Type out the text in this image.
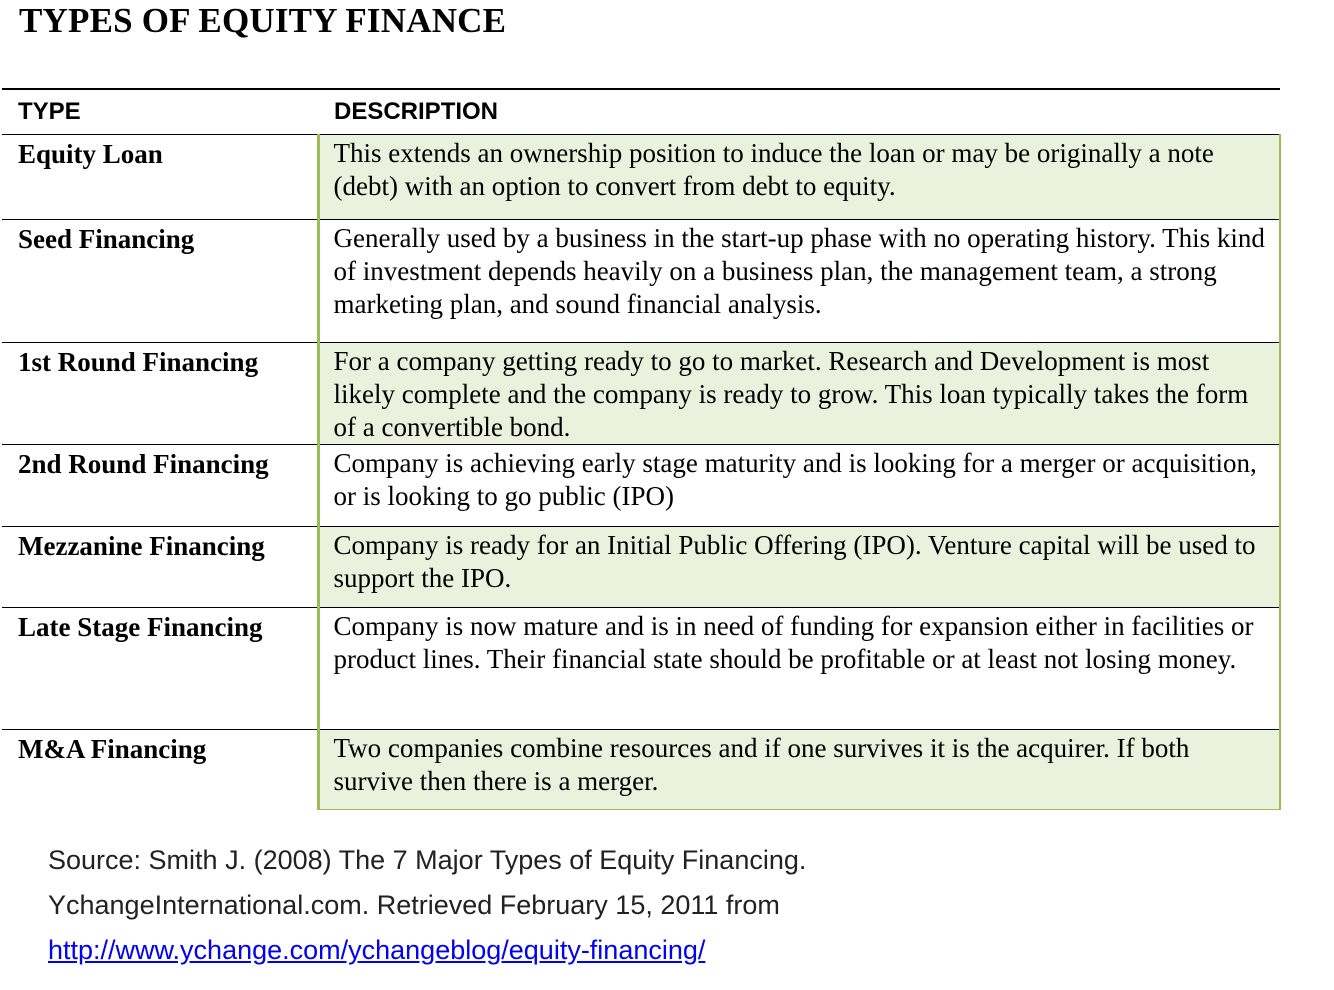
TYPES OF EQUITY FINANCE
TYPE	DESCRIPTION
Equity Loan	This extends an ownership position to induce the loan or may be originally a note (debt) with an option to convert from debt to equity.
Seed Financing	Generally used by a business in the start-up phase with no operating history. This kind of investment depends heavily on a business plan, the management team, a strong marketing plan, and sound financial analysis.
1st Round Financing	For a company getting ready to go to market. Research and Development is most likely complete and the company is ready to grow. This loan typically takes the form of a convertible bond.
2nd Round Financing	Company is achieving early stage maturity and is looking for a merger or acquisition, or is looking to go public (IPO)
Mezzanine Financing	Company is ready for an Initial Public Offering (IPO). Venture capital will be used to support the IPO.
Late Stage Financing	Company is now mature and is in need of funding for expansion either in facilities or product lines. Their financial state should be profitable or at least not losing money.
M&A Financing	Two companies combine resources and if one survives it is the acquirer. If both survive then there is a merger.
Source: Smith J. (2008) The 7 Major Types of Equity Financing.
YchangeInternational.com. Retrieved February 15, 2011 from
http://www.ychange.com/ychangeblog/equity-financing/
